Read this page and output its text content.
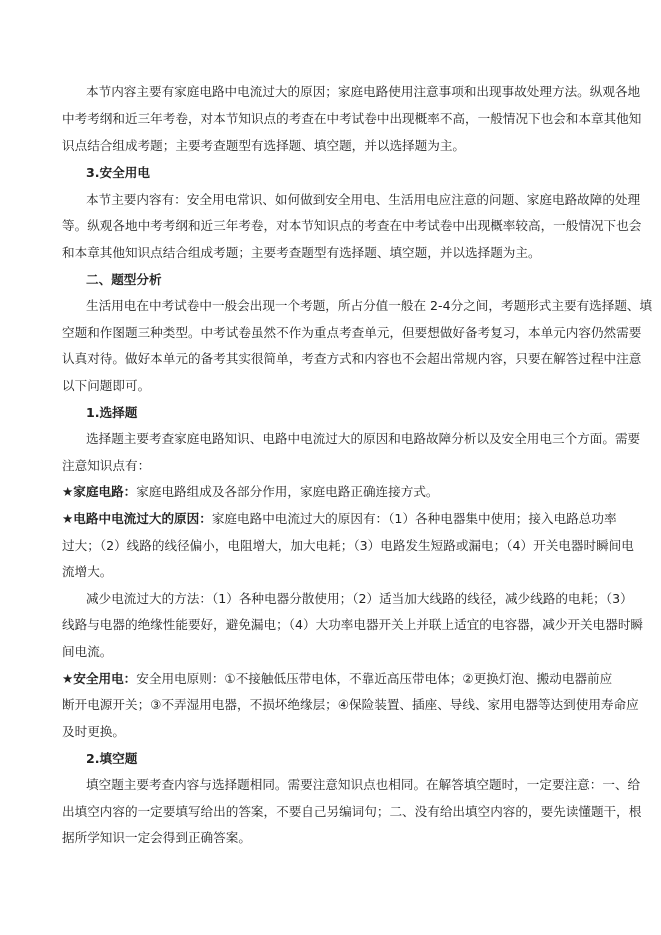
本节内容主要有家庭电路中电流过大的原因；家庭电路使用注意事项和出现事故处理方法。纵观各地
中考考纲和近三年考卷，对本节知识点的考查在中考试卷中出现概率不高，一般情况下也会和本章其他知
识点结合组成考题；主要考查题型有选择题、填空题，并以选择题为主。
3.安全用电
本节主要内容有：安全用电常识、如何做到安全用电、生活用电应注意的问题、家庭电路故障的处理
等。纵观各地中考考纲和近三年考卷，对本节知识点的考查在中考试卷中出现概率较高，一般情况下也会
和本章其他知识点结合组成考题；主要考查题型有选择题、填空题，并以选择题为主。
二、题型分析
生活用电在中考试卷中一般会出现一个考题，所占分值一般在 2-4分之间，考题形式主要有选择题、填
空题和作图题三种类型。中考试卷虽然不作为重点考查单元，但要想做好备考复习，本单元内容仍然需要
认真对待。做好本单元的备考其实很简单，考查方式和内容也不会超出常规内容，只要在解答过程中注意
以下问题即可。
1.选择题
选择题主要考查家庭电路知识、电路中电流过大的原因和电路故障分析以及安全用电三个方面。需要
注意知识点有：
★家庭电路：家庭电路组成及各部分作用，家庭电路正确连接方式。
★电路中电流过大的原因：家庭电路中电流过大的原因有：（1）各种电器集中使用；接入电路总功率
过大；（2）线路的线径偏小，电阻增大，加大电耗；（3）电路发生短路或漏电；（4）开关电器时瞬间电
流增大。
减少电流过大的方法：（1）各种电器分散使用；（2）适当加大线路的线径，减少线路的电耗；（3）
线路与电器的绝缘性能要好，避免漏电；（4）大功率电器开关上并联上适宜的电容器，减少开关电器时瞬
间电流。
★安全用电：安全用电原则：①不接触低压带电体，不靠近高压带电体；②更换灯泡、搬动电器前应
断开电源开关；③不弄湿用电器，不损坏绝缘层；④保险装置、插座、导线、家用电器等达到使用寿命应
及时更换。
2.填空题
填空题主要考查内容与选择题相同。需要注意知识点也相同。在解答填空题时，一定要注意：一、给
出填空内容的一定要填写给出的答案，不要自己另编词句；二、没有给出填空内容的，要先读懂题干，根
据所学知识一定会得到正确答案。
